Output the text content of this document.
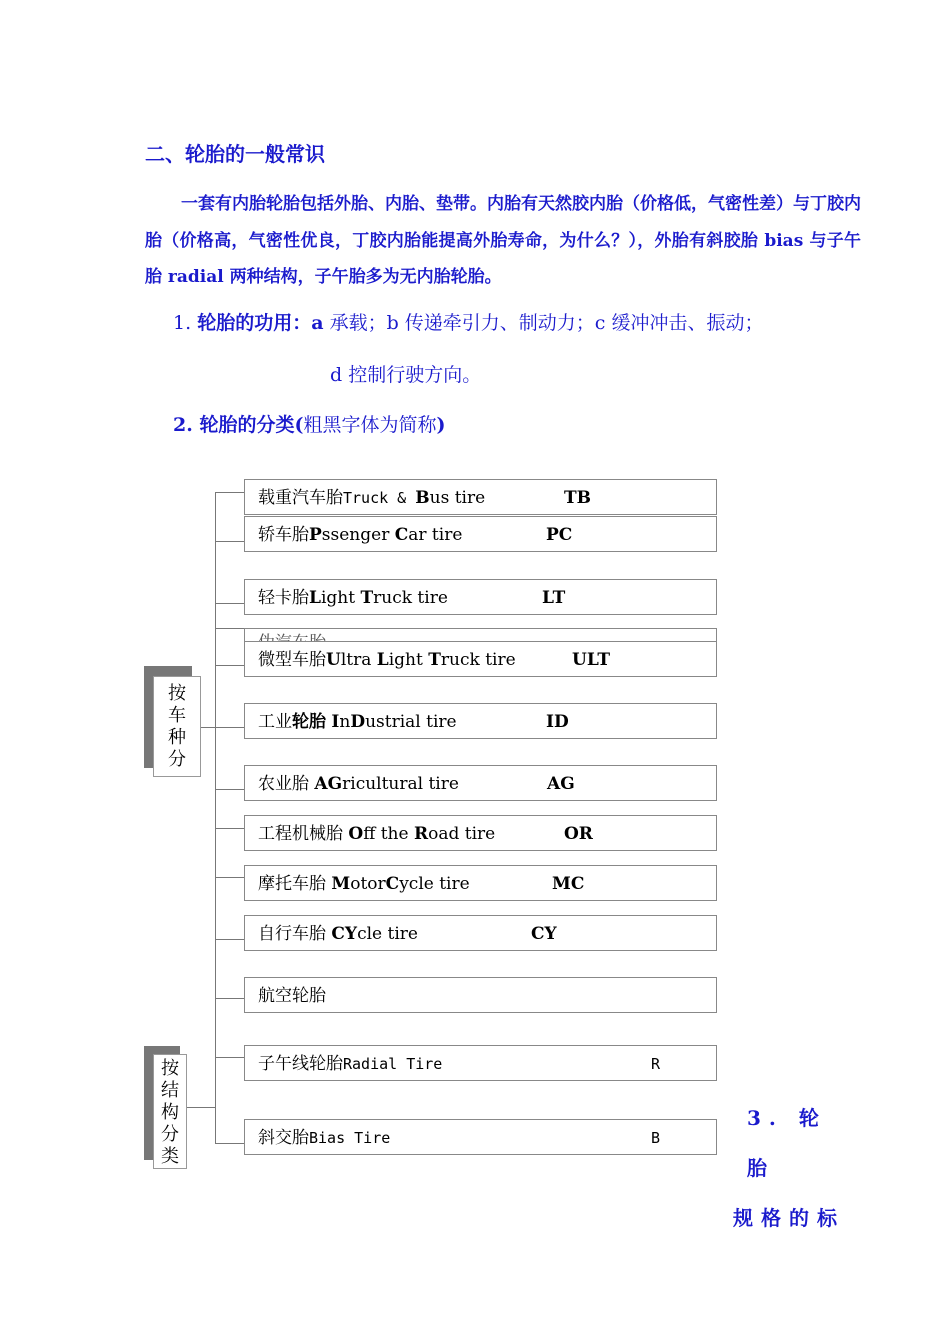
二、轮胎的一般常识
一套有内胎轮胎包括外胎、内胎、垫带。内胎有天然胶内胎（价格低，气密性差）与丁胶内胎（价格高，气密性优良，丁胶内胎能提高外胎寿命，为什么？），外胎有斜胶胎 bias 与子午胎 radial 两种结构，子午胎多为无内胎轮胎。
1. 轮胎的功用：a 承载；b 传递牵引力、制动力；c 缓冲冲击、振动；
d 控制行驶方向。
2. 轮胎的分类(粗黑字体为简称)
按
车
种
分
按
结
构
分
类
载重汽车胎Truck & Bus tire	TB
轿车胎Pssenger Car tire	PC
轻卡胎Light Truck tire	LT
微型车胎Ultra Light Truck tire	ULT
工业轮胎 InDustrial tire	ID
农业胎 AGricultural tire	AG
工程机械胎 Off the Road tire	OR
摩托车胎 MotorCycle tire	MC
自行车胎 CYcle tire	CY
航空轮胎
子午线轮胎Radial Tire	R
斜交胎Bias Tire	B
3. 轮胎
规格的标
